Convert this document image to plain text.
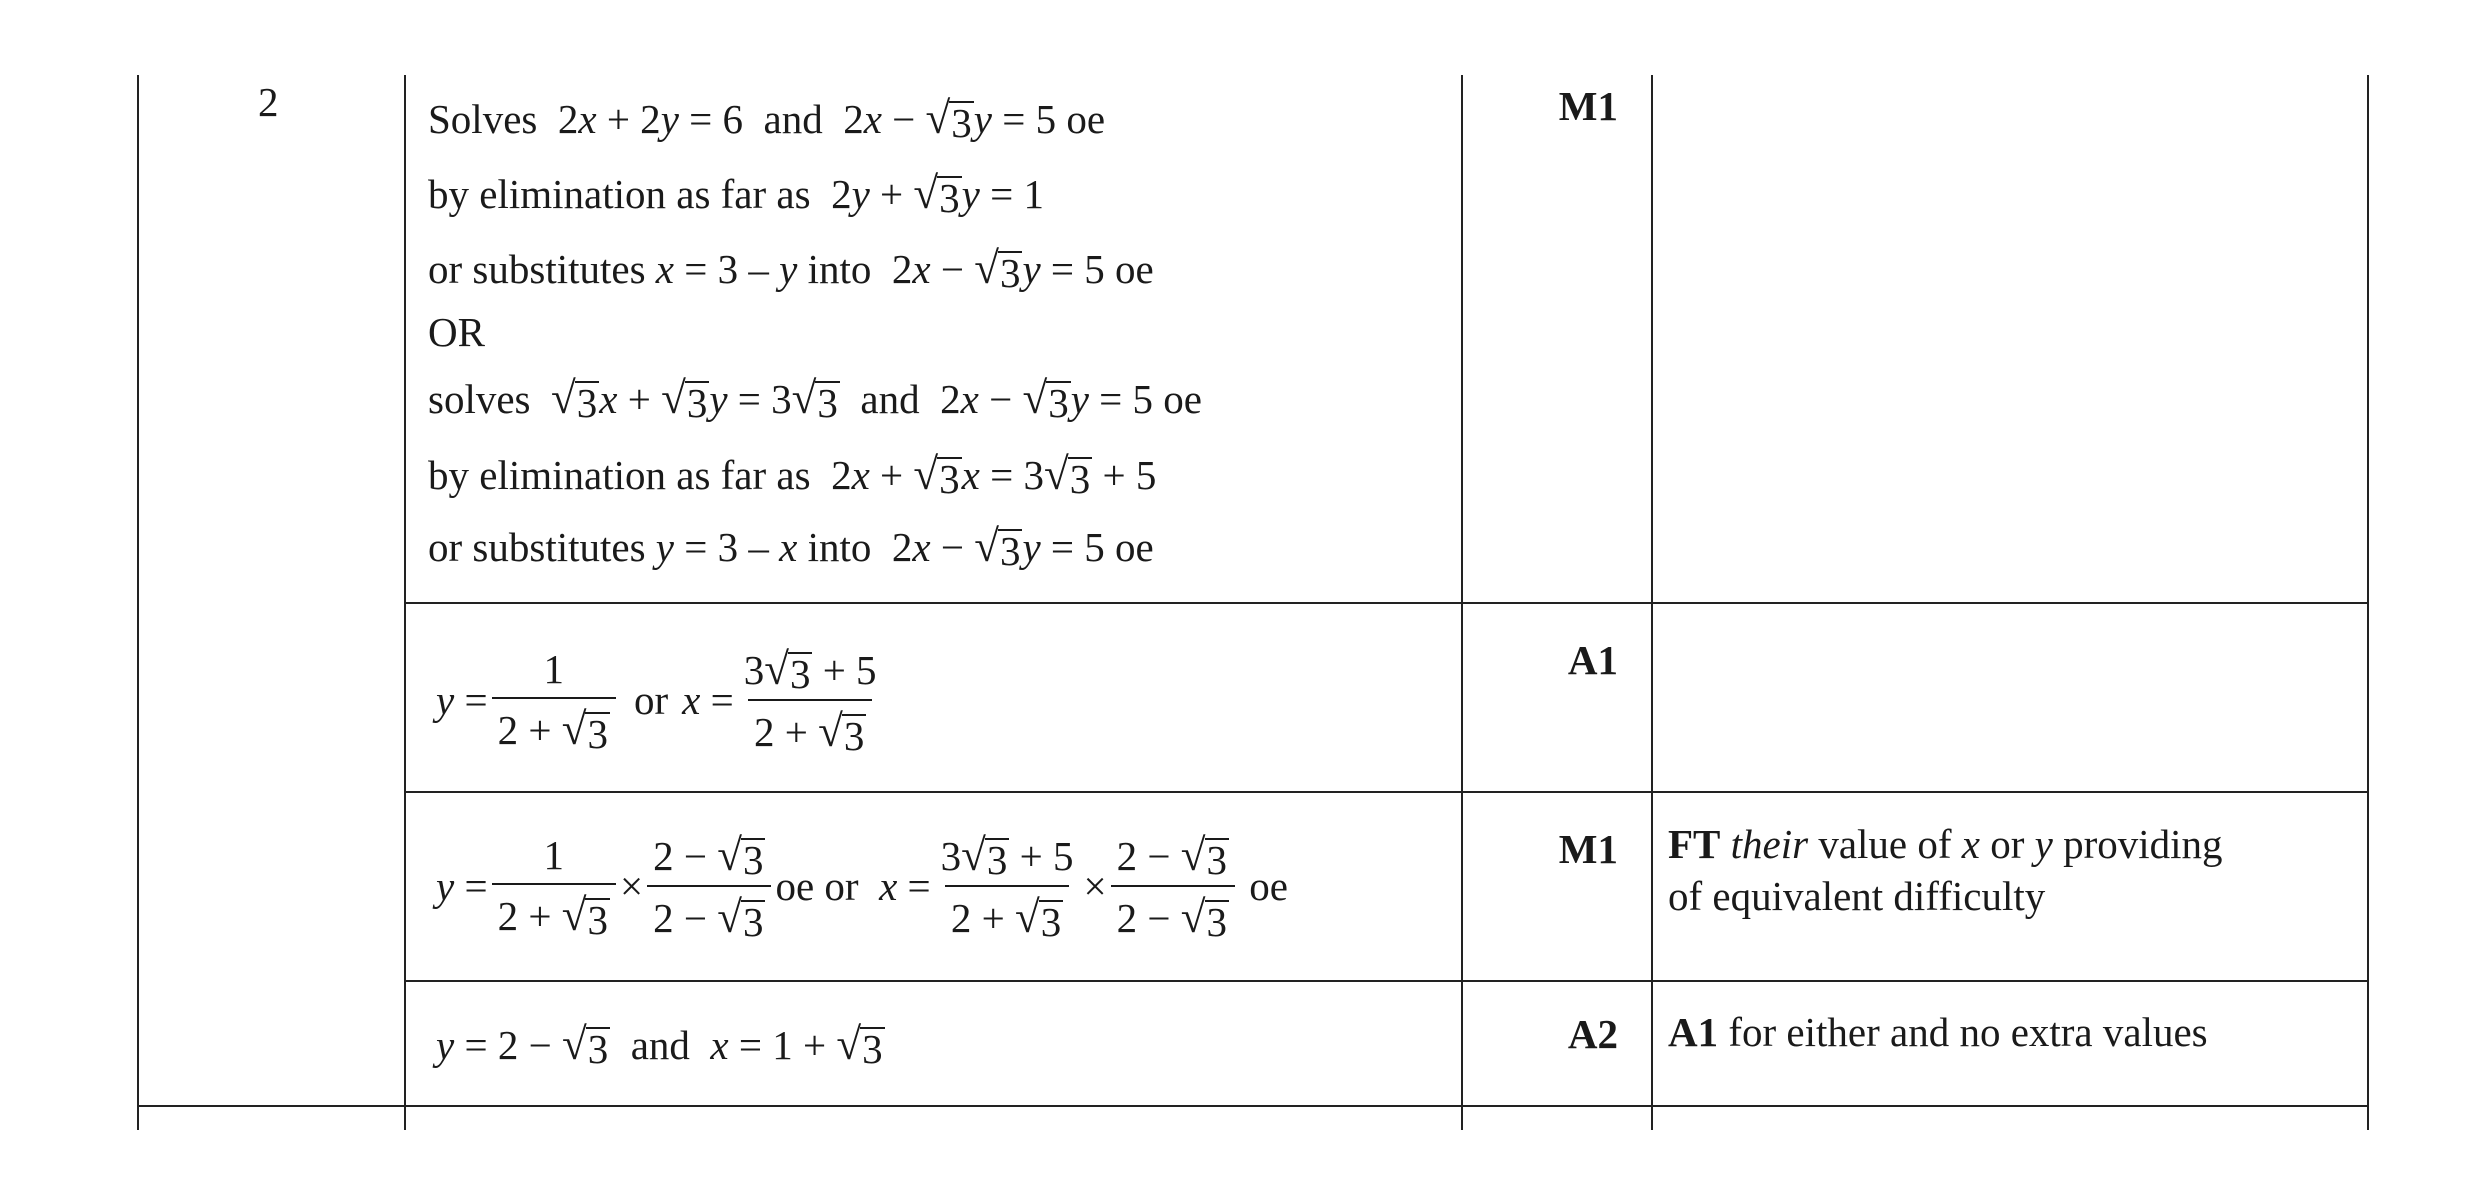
2	M1
Solves  2x + 2y = 6  and  2x − √ 3 y = 5 oe
by elimination as far as  2y + √ 3 y = 1
or substitutes x = 3 – y into  2x − √ 3 y = 5 oe
OR
solves √ 3 x + √ 3 y = 3 √ 3 and  2x − √ 3 y = 5 oe
by elimination as far as  2x + √ 3 x = 3 √ 3 + 5
or substitutes y = 3 – x into  2x − √ 3 y = 5 oe
A1
$y = \frac{1}{2 + √ 3}$ or $x = \frac{3 √ 3 + 5}{2 + √ 3}$
M1
$y = \frac{1}{2 + √ 3} \times \frac{2 - √ 3}{2 - √ 3}$ oe
or
$x = \frac{3 √ 3 + 5}{2 + √ 3} \times \frac{2 - √ 3}{2 - √ 3}$
oe
FT their value of x or y providing
of equivalent difficulty
A2
y = 2 − √ 3 and x = 1 + √ 3	A1 for either and no extra values
